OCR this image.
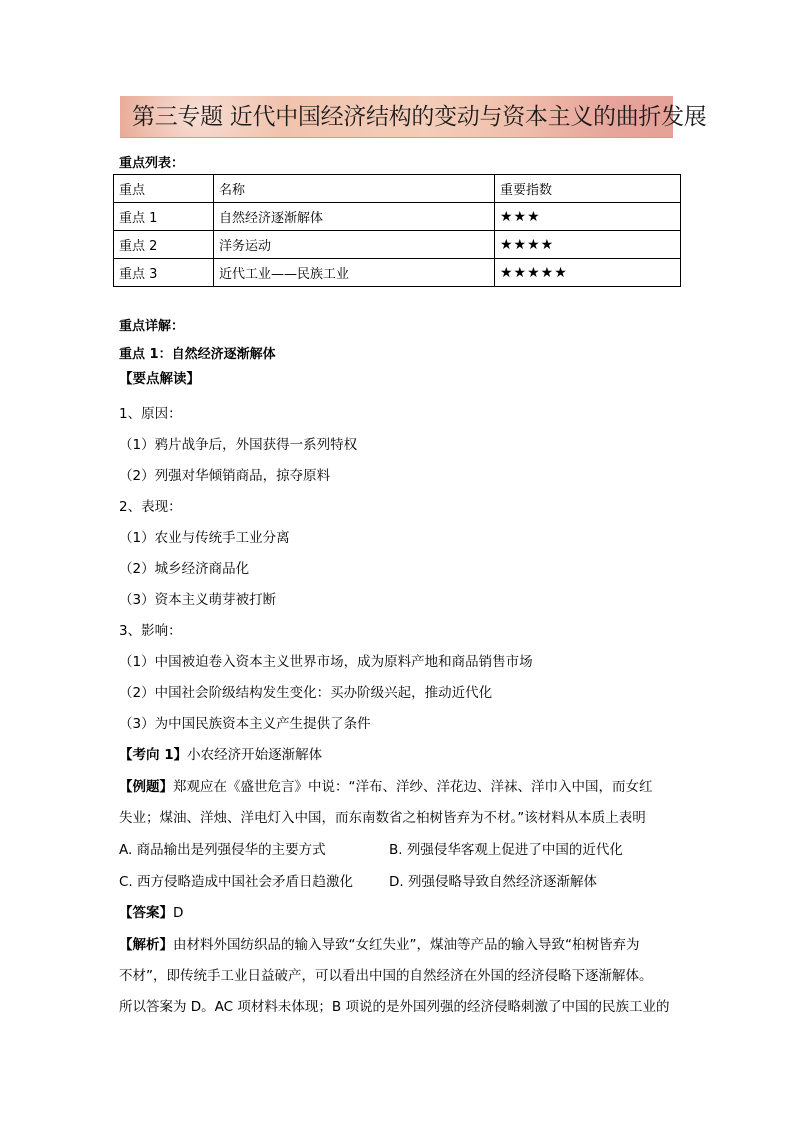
第三专题 近代中国经济结构的变动与资本主义的曲折发展
重点列表：
重点	名称	重要指数
重点 1	自然经济逐渐解体	★★★
重点 2	洋务运动	★★★★
重点 3	近代工业——民族工业	★★★★★
重点详解：
重点 1：自然经济逐渐解体
【要点解读】
1、原因：
（1）鸦片战争后，外国获得一系列特权
（2）列强对华倾销商品，掠夺原料
2、表现：
（1）农业与传统手工业分离
（2）城乡经济商品化
（3）资本主义萌芽被打断
3、影响：
（1）中国被迫卷入资本主义世界市场，成为原料产地和商品销售市场
（2）中国社会阶级结构发生变化：买办阶级兴起，推动近代化
（3）为中国民族资本主义产生提供了条件
【考向 1】小农经济开始逐渐解体
【例题】郑观应在《盛世危言》中说：“洋布、洋纱、洋花边、洋袜、洋巾入中国，而女红
失业；煤油、洋烛、洋电灯入中国，而东南数省之桕树皆弃为不材。”该材料从本质上表明
A. 商品输出是列强侵华的主要方式	B. 列强侵华客观上促进了中国的近代化
C. 西方侵略造成中国社会矛盾日趋激化	D. 列强侵略导致自然经济逐渐解体
【答案】D
【解析】由材料外国纺织品的输入导致“女红失业”，煤油等产品的输入导致“桕树皆弃为
不材”，即传统手工业日益破产，可以看出中国的自然经济在外国的经济侵略下逐渐解体。
所以答案为 D。AC 项材料未体现；B 项说的是外国列强的经济侵略刺激了中国的民族工业的
